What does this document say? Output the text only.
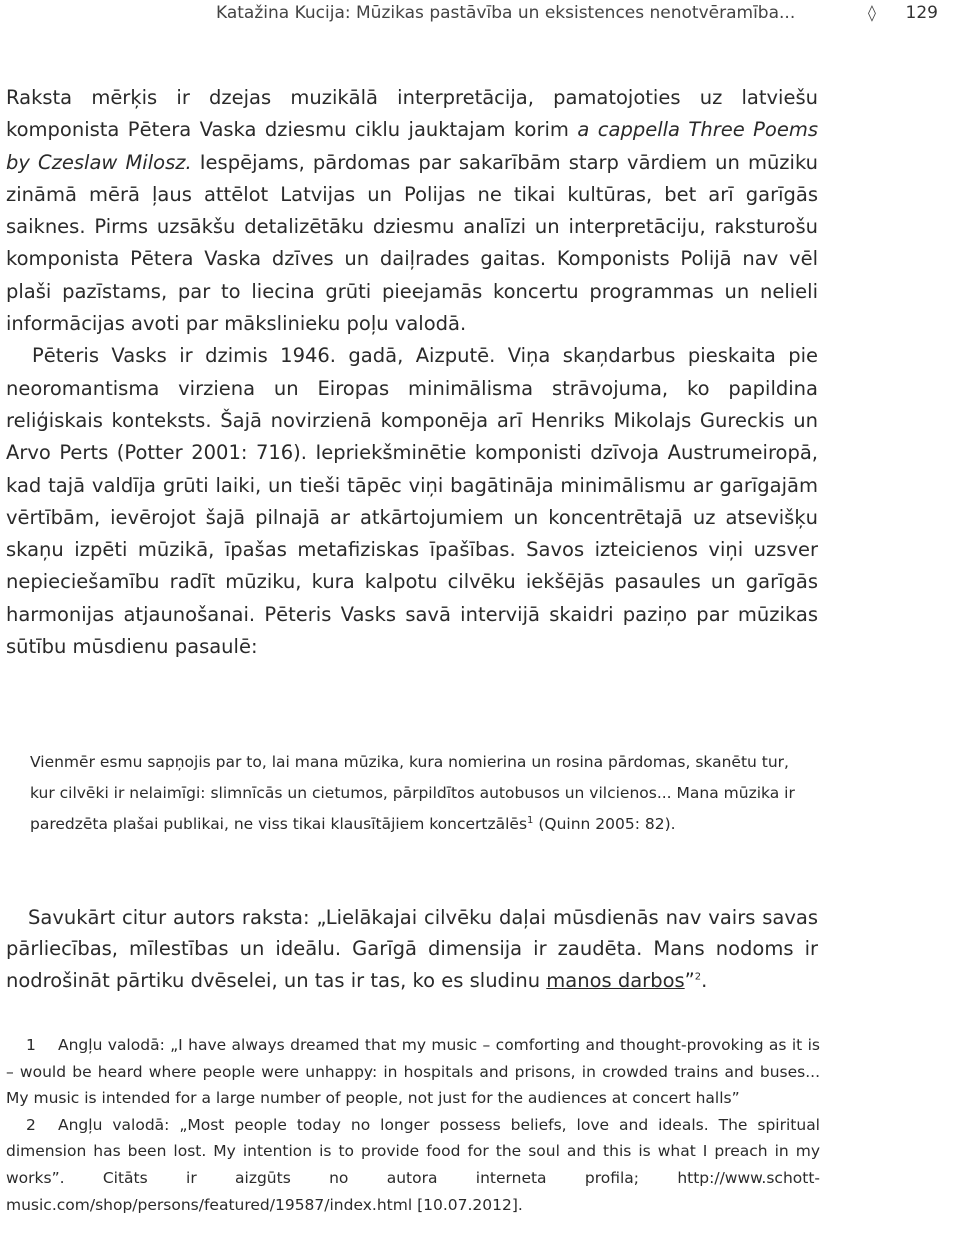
Katažina Kucija: Mūzikas pastāvība un eksistences nenotvēramība...	◊ 129

Raksta mērķis ir dzejas muzikālā interpretācija, pamatojoties uz latviešu komponista Pētera Vaska dziesmu ciklu jauktajam korim a cappella Three Poems by Czeslaw Milosz. Iespējams, pārdomas par sakarībām starp vārdiem un mūziku zināmā mērā ļaus attēlot Latvijas un Polijas ne tikai kultūras, bet arī garīgās saiknes. Pirms uzsākšu detalizētāku dziesmu analīzi un interpretāciju, raksturošu komponista Pētera Vaska dzīves un daiļrades gaitas. Komponists Polijā nav vēl plaši pazīstams, par to liecina grūti pieejamās koncertu programmas un nelieli informācijas avoti par mākslinieku poļu valodā.

Pēteris Vasks ir dzimis 1946. gadā, Aizputē. Viņa skaņdarbus pieskaita pie neoromantisma virziena un Eiropas minimālisma strāvojuma, ko papildina reliģiskais konteksts. Šajā novirzienā komponēja arī Henriks Mikolajs Gureckis un Arvo Perts (Potter 2001: 716). Iepriekšminētie komponisti dzīvoja Austrumeiropā, kad tajā valdīja grūti laiki, un tieši tāpēc viņi bagātināja minimālismu ar garīgajām vērtībām, ievērojot šajā pilnajā ar atkārtojumiem un koncentrētajā uz atsevišķu skaņu izpēti mūzikā, īpašas metafiziskas īpašības. Savos izteicienos viņi uzsver nepieciešamību radīt mūziku, kura kalpotu cilvēku iekšējās pasaules un garīgās harmonijas atjaunošanai. Pēteris Vasks savā intervijā skaidri paziņo par mūzikas sūtību mūsdienu pasaulē:

Vienmēr esmu sapņojis par to, lai mana mūzika, kura nomierina un rosina pārdomas, skanētu tur, kur cilvēki ir nelaimīgi: slimnīcās un cietumos, pārpildītos autobusos un vilcienos... Mana mūzika ir paredzēta plašai publikai, ne viss tikai klausītājiem koncertzālēs$^1$ (Quinn 2005: 82).

Savukārt citur autors raksta: „Lielākajai cilvēku daļai mūsdienās nav vairs savas pārliecības, mīlestības un ideālu. Garīgā dimensija ir zaudēta. Mans nodoms ir nodrošināt pārtiku dvēselei, un tas ir tas, ko es sludinu manos darbos”$^2$.

1 Angļu valodā: „I have always dreamed that my music – comforting and thought-provoking as it is – would be heard where people were unhappy: in hospitals and prisons, in crowded trains and buses... My music is intended for a large number of people, not just for the audiences at concert halls”

2 Angļu valodā: „Most people today no longer possess beliefs, love and ideals. The spiritual dimension has been lost. My intention is to provide food for the soul and this is what I preach in my works”. Citāts ir aizgūts no autora interneta profila; http://www.schott-music.com/shop/persons/featured/19587/index.html [10.07.2012].
